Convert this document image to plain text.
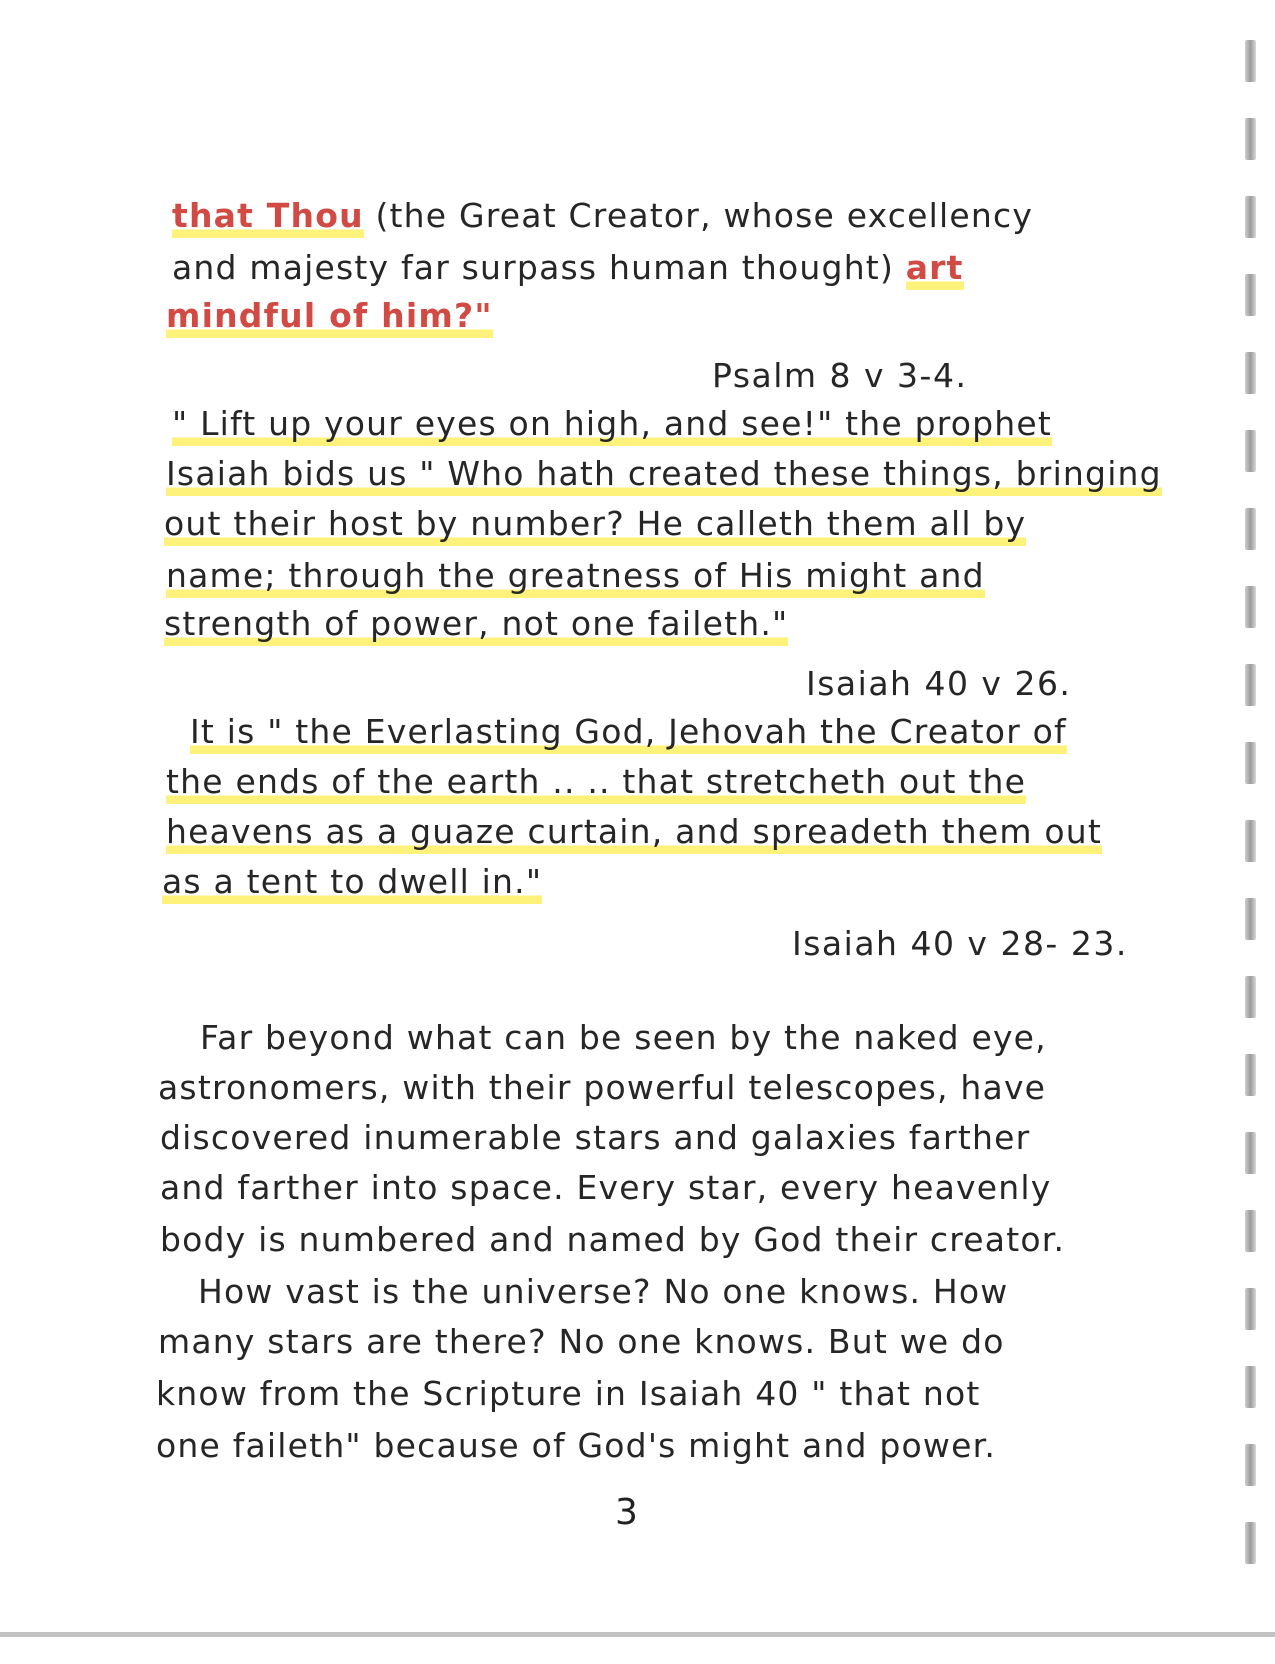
that Thou (the Great Creator, whose excellency
and majesty far surpass human thought) art
mindful of him?"
Psalm 8 v 3-4.
" Lift up your eyes on high, and see!" the prophet
Isaiah bids us " Who hath created these things, bringing
out their host by number? He calleth them all by
name; through the greatness of His might and
strength of power, not one faileth."
Isaiah 40 v 26.
It is " the Everlasting God, Jehovah the Creator of
the ends of the earth .. .. that stretcheth out the
heavens as a guaze curtain, and spreadeth them out
as a tent to dwell in."
Isaiah 40 v 28- 23.
Far beyond what can be seen by the naked eye,
astronomers, with their powerful telescopes, have
discovered inumerable stars and galaxies farther
and farther into space. Every star, every heavenly
body is numbered and named by God their creator.
How vast is the universe? No one knows. How
many stars are there? No one knows. But we do
know from the Scripture in Isaiah 40 " that not
one faileth" because of God's might and power.
3
